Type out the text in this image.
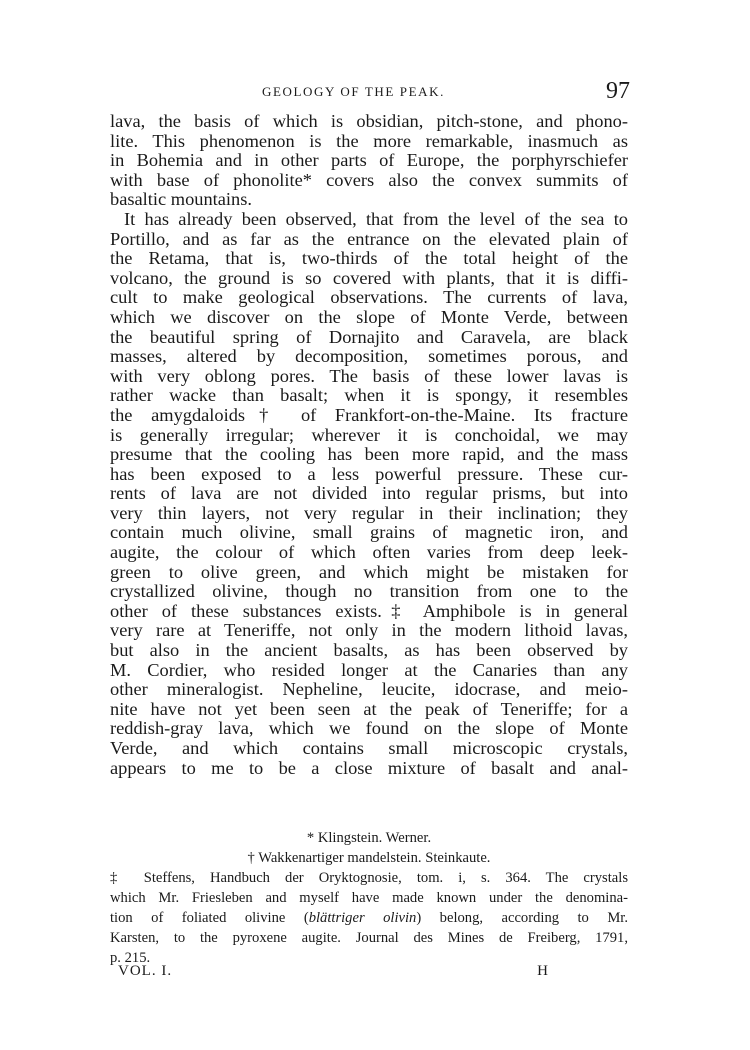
GEOLOGY OF THE PEAK.	97
lava, the basis of which is obsidian, pitch-stone, and phono-
lite. This phenomenon is the more remarkable, inasmuch as
in Bohemia and in other parts of Europe, the porphyrschiefer
with base of phonolite* covers also the convex summits of
basaltic mountains.
It has already been observed, that from the level of the sea to
Portillo, and as far as the entrance on the elevated plain of
the Retama, that is, two-thirds of the total height of the
volcano, the ground is so covered with plants, that it is diffi-
cult to make geological observations. The currents of lava,
which we discover on the slope of Monte Verde, between
the beautiful spring of Dornajito and Caravela, are black
masses, altered by decomposition, sometimes porous, and
with very oblong pores. The basis of these lower lavas is
rather wacke than basalt; when it is spongy, it resembles
the amygdaloids† of Frankfort-on-the-Maine. Its fracture
is generally irregular; wherever it is conchoidal, we may
presume that the cooling has been more rapid, and the mass
has been exposed to a less powerful pressure. These cur-
rents of lava are not divided into regular prisms, but into
very thin layers, not very regular in their inclination; they
contain much olivine, small grains of magnetic iron, and
augite, the colour of which often varies from deep leek-
green to olive green, and which might be mistaken for
crystallized olivine, though no transition from one to the
other of these substances exists.‡ Amphibole is in general
very rare at Teneriffe, not only in the modern lithoid lavas,
but also in the ancient basalts, as has been observed by
M. Cordier, who resided longer at the Canaries than any
other mineralogist. Nepheline, leucite, idocrase, and meio-
nite have not yet been seen at the peak of Teneriffe; for a
reddish-gray lava, which we found on the slope of Monte
Verde, and which contains small microscopic crystals,
appears to me to be a close mixture of basalt and anal-
* Klingstein. Werner.
† Wakkenartiger mandelstein. Steinkaute.
‡ Steffens, Handbuch der Oryktognosie, tom. i, s. 364. The crystals
which Mr. Friesleben and myself have made known under the denomina-
tion of foliated olivine (blättriger olivin) belong, according to Mr.
Karsten, to the pyroxene augite. Journal des Mines de Freiberg, 1791,
p. 215.
VOL. I.	H
